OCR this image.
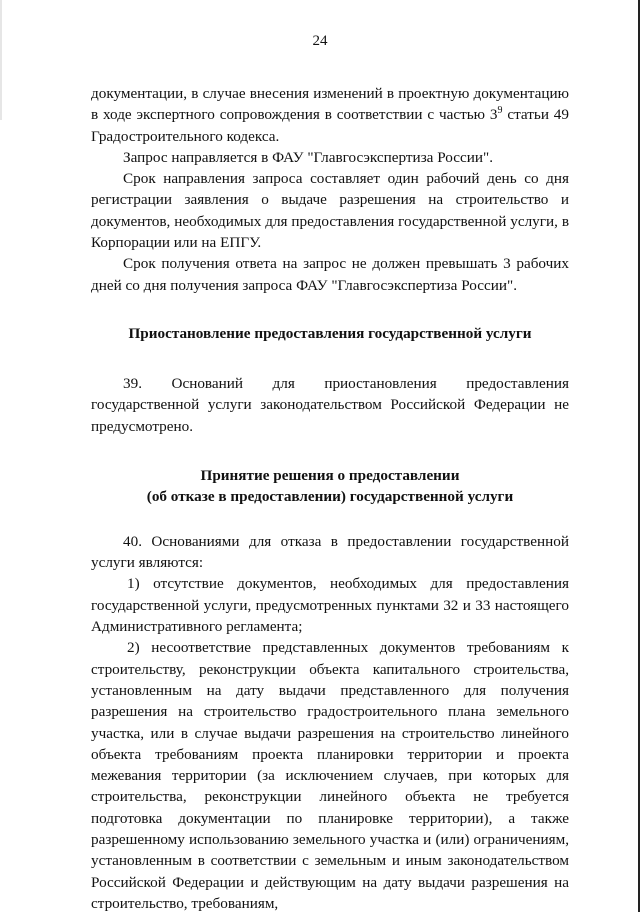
24

документации, в случае внесения изменений в проектную документацию в ходе экспертного сопровождения в соответствии с частью $3^9$ статьи 49 Градостроительного кодекса.

Запрос направляется в ФАУ "Главгосэкспертиза России".

Срок направления запроса составляет один рабочий день со дня регистрации заявления о выдаче разрешения на строительство и документов, необходимых для предоставления государственной услуги, в Корпорации или на ЕПГУ.

Срок получения ответа на запрос не должен превышать 3 рабочих дней со дня получения запроса ФАУ "Главгосэкспертиза России".

Приостановление предоставления государственной услуги

39. Оснований для приостановления предоставления государственной услуги законодательством Российской Федерации не предусмотрено.

Принятие решения о предоставлении
(об отказе в предоставлении) государственной услуги

40. Основаниями для отказа в предоставлении государственной услуги являются:

1) отсутствие документов, необходимых для предоставления государственной услуги, предусмотренных пунктами 32 и 33 настоящего Административного регламента;

2) несоответствие представленных документов требованиям к строительству, реконструкции объекта капитального строительства, установленным на дату выдачи представленного для получения разрешения на строительство градостроительного плана земельного участка, или в случае выдачи разрешения на строительство линейного объекта требованиям проекта планировки территории и проекта межевания территории (за исключением случаев, при которых для строительства, реконструкции линейного объекта не требуется подготовка документации по планировке территории), а также разрешенному использованию земельного участка и (или) ограничениям, установленным в соответствии с земельным и иным законодательством Российской Федерации и действующим на дату выдачи разрешения на строительство, требованиям,
